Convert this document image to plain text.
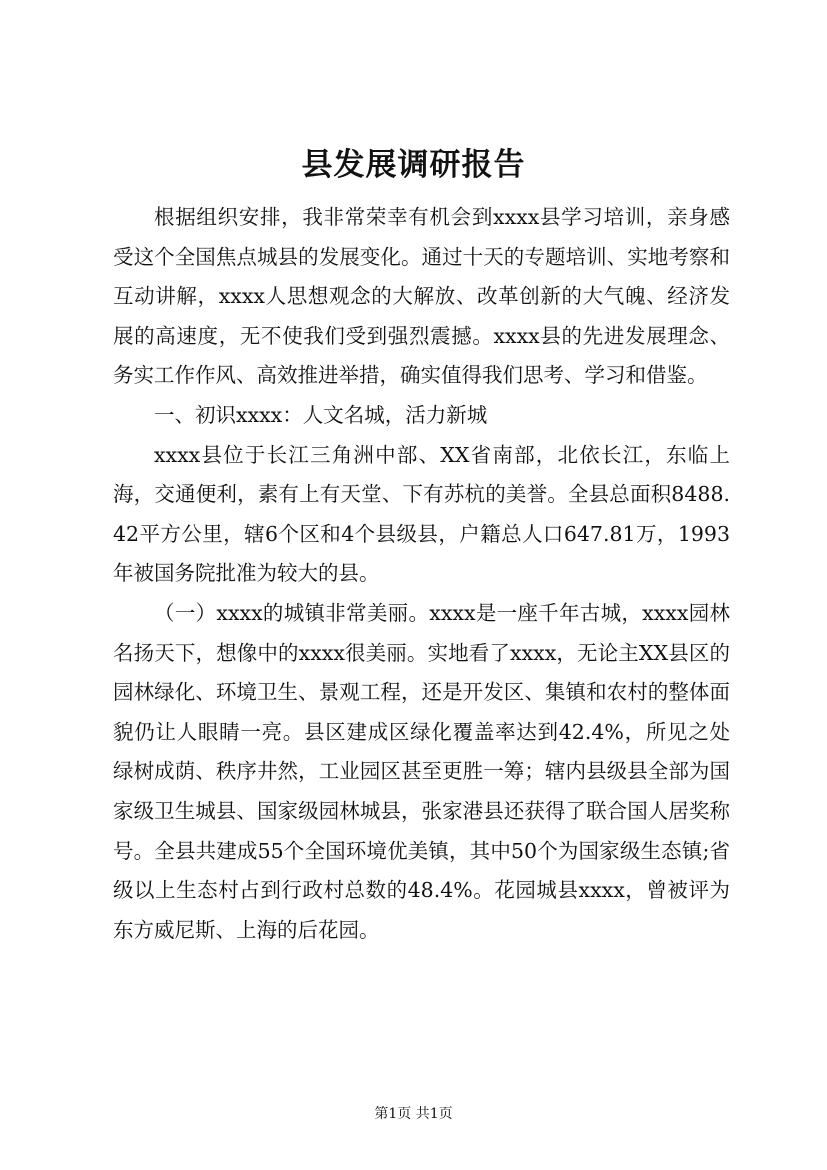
县发展调研报告

根据组织安排，我非常荣幸有机会到xxxx县学习培训，亲身感受这个全国焦点城县的发展变化。通过十天的专题培训、实地考察和互动讲解，xxxx人思想观念的大解放、改革创新的大气魄、经济发展的高速度，无不使我们受到强烈震撼。xxxx县的先进发展理念、务实工作作风、高效推进举措，确实值得我们思考、学习和借鉴。

一、初识xxxx：人文名城，活力新城

xxxx县位于长江三角洲中部、XX省南部，北依长江，东临上海，交通便利，素有上有天堂、下有苏杭的美誉。全县总面积8488.42平方公里，辖6个区和4个县级县，户籍总人口647.81万，1993年被国务院批准为较大的县。

（一）xxxx的城镇非常美丽。xxxx是一座千年古城，xxxx园林名扬天下，想像中的xxxx很美丽。实地看了xxxx，无论主XX县区的园林绿化、环境卫生、景观工程，还是开发区、集镇和农村的整体面貌仍让人眼睛一亮。县区建成区绿化覆盖率达到42.4%，所见之处绿树成荫、秩序井然，工业园区甚至更胜一筹；辖内县级县全部为国家级卫生城县、国家级园林城县，张家港县还获得了联合国人居奖称号。全县共建成55个全国环境优美镇，其中50个为国家级生态镇;省级以上生态村占到行政村总数的48.4%。花园城县xxxx，曾被评为东方威尼斯、上海的后花园。

第1页 共1页
